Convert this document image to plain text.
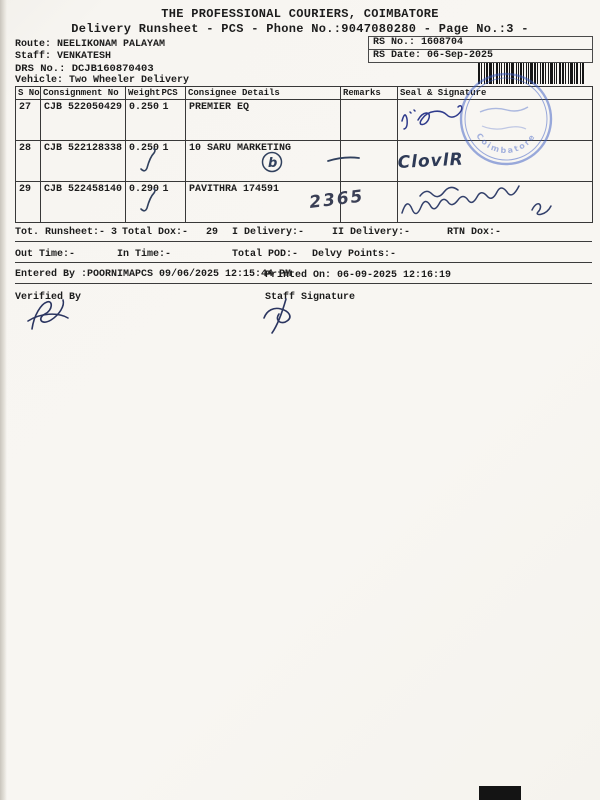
THE PROFESSIONAL COURIERS, COIMBATORE
Delivery Runsheet - PCS - Phone No.:9047080280 - Page No.:3 -
Route: NEELIKONAM PALAYAM
Staff: VENKATESH
DRS No.: DCJB160870403
Vehicle: Two Wheeler Delivery
RS No.: 1608704
RS Date: 06-Sep-2025
S No	Consignment No	Weight	PCS	Consignee Details	Remarks	Seal & Signature
27	CJB 522050429	0.250	1	PREMIER EQ		
28	CJB 522128338	0.250	1	10 SARU MARKETING		
29	CJB 522458140	0.290	1	PAVITHRA 174591		
Tot. Runsheet:- 3 Total Dox:-   29 I Delivery:-	II Delivery:-	RTN Dox:-
Out Time:-	In Time:-	Total POD:- Delvy Points:-
Entered By :POORNIMAPCS 09/06/2025 12:15:44 PM
Printed On: 06-09-2025 12:16:19
Verified By	Staff Signature
Coimbatore
b	ClovlR
2365
